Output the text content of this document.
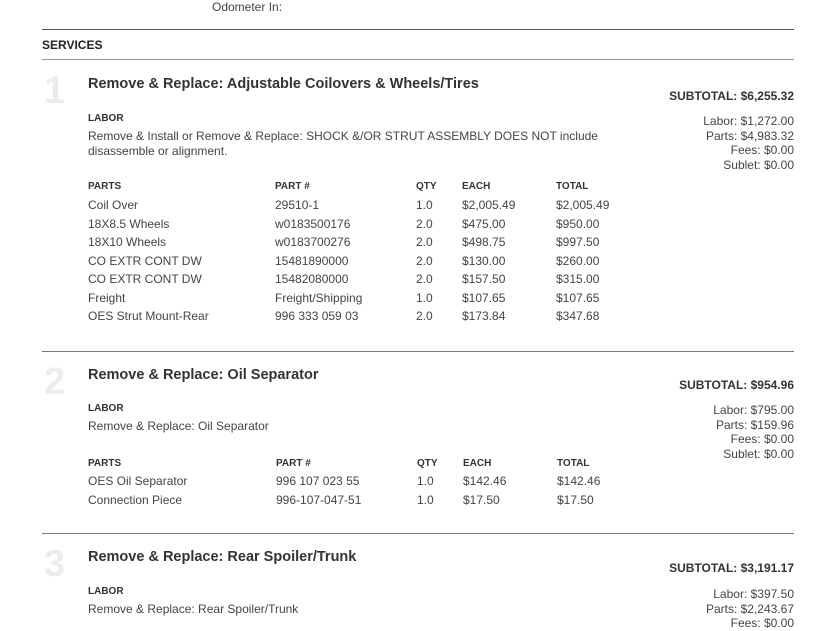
Odometer In:
SERVICES
1 Remove & Replace: Adjustable Coilovers & Wheels/Tires
SUBTOTAL: $6,255.32
LABOR
Remove & Install or Remove & Replace: SHOCK &/OR STRUT ASSEMBLY DOES NOT include disassemble or alignment.
Labor: $1,272.00
Parts: $4,983.32
Fees: $0.00
Sublet: $0.00
PARTS	PART #	QTY	EACH	TOTAL
Coil Over	29510-1	1.0 $2,005.49	$2,005.49
18X8.5 Wheels	w0183500176	2.0 $475.00	$950.00
18X10 Wheels	w0183700276	2.0 $498.75	$997.50
CO EXTR CONT DW	15481890000	2.0 $130.00	$260.00
CO EXTR CONT DW	15482080000	2.0 $157.50	$315.00
Freight	Freight/Shipping	1.0 $107.65	$107.65
OES Strut Mount-Rear	996 333 059 03	2.0 $173.84	$347.68
2 Remove & Replace: Oil Separator
SUBTOTAL: $954.96
LABOR
Remove & Replace: Oil Separator
Labor: $795.00
Parts: $159.96
Fees: $0.00
Sublet: $0.00
PARTS	PART #	QTY	EACH	TOTAL
OES Oil Separator	996 107 023 55	1.0 $142.46	$142.46
Connection Piece	996-107-047-51	1.0 $17.50	$17.50
3 Remove & Replace: Rear Spoiler/Trunk
SUBTOTAL: $3,191.17
LABOR
Remove & Replace: Rear Spoiler/Trunk
Labor: $397.50
Parts: $2,243.67
Fees: $0.00
